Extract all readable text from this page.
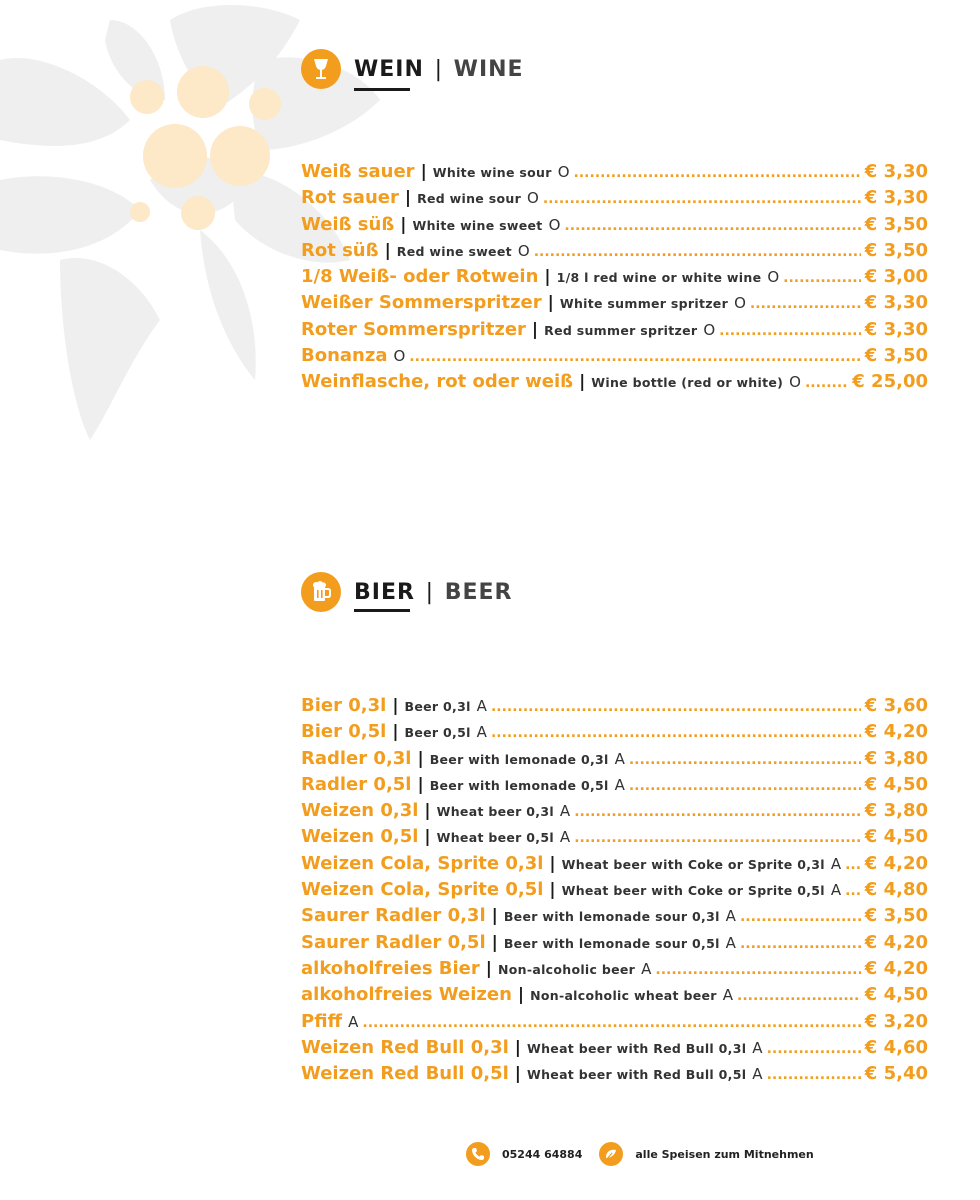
WEIN | WINE
Weiß sauer | White wine sour O .....	€ 3,30
Rot sauer | Red wine sour O .....	€ 3,30
Weiß süß | White wine sweet O .....	€ 3,50
Rot süß | Red wine sweet O .....	€ 3,50
1/8 Weiß- oder Rotwein | 1/8 l red wine or white wine O .....	€ 3,00
Weißer Sommerspritzer | White summer spritzer O .....	€ 3,30
Roter Sommerspritzer | Red summer spritzer O .....	€ 3,30
Bonanza O .....	€ 3,50
Weinflasche, rot oder weiß | Wine bottle (red or white) O .....	€ 25,00
BIER | BEER
Bier 0,3l | Beer 0,3l A .....	€ 3,60
Bier 0,5l | Beer 0,5l A .....	€ 4,20
Radler 0,3l | Beer with lemonade 0,3l A .....	€ 3,80
Radler 0,5l | Beer with lemonade 0,5l A .....	€ 4,50
Weizen 0,3l | Wheat beer 0,3l A .....	€ 3,80
Weizen 0,5l | Wheat beer 0,5l A .....	€ 4,50
Weizen Cola, Sprite 0,3l | Wheat beer with Coke or Sprite 0,3l A ..... € 4,20
Weizen Cola, Sprite 0,5l | Wheat beer with Coke or Sprite 0,5l A ..... € 4,80
Saurer Radler 0,3l | Beer with lemonade sour 0,3l A .....	€ 3,50
Saurer Radler 0,5l | Beer with lemonade sour 0,5l A .....	€ 4,20
alkoholfreies Bier | Non-alcoholic beer A .....	€ 4,20
alkoholfreies Weizen | Non-alcoholic wheat beer A .....	€ 4,50
Pfiff A .....	€ 3,20
Weizen Red Bull 0,3l | Wheat beer with Red Bull 0,3l A .....	€ 4,60
Weizen Red Bull 0,5l | Wheat beer with Red Bull 0,5l A .....	€ 5,40
05244 64884	alle Speisen zum Mitnehmen
